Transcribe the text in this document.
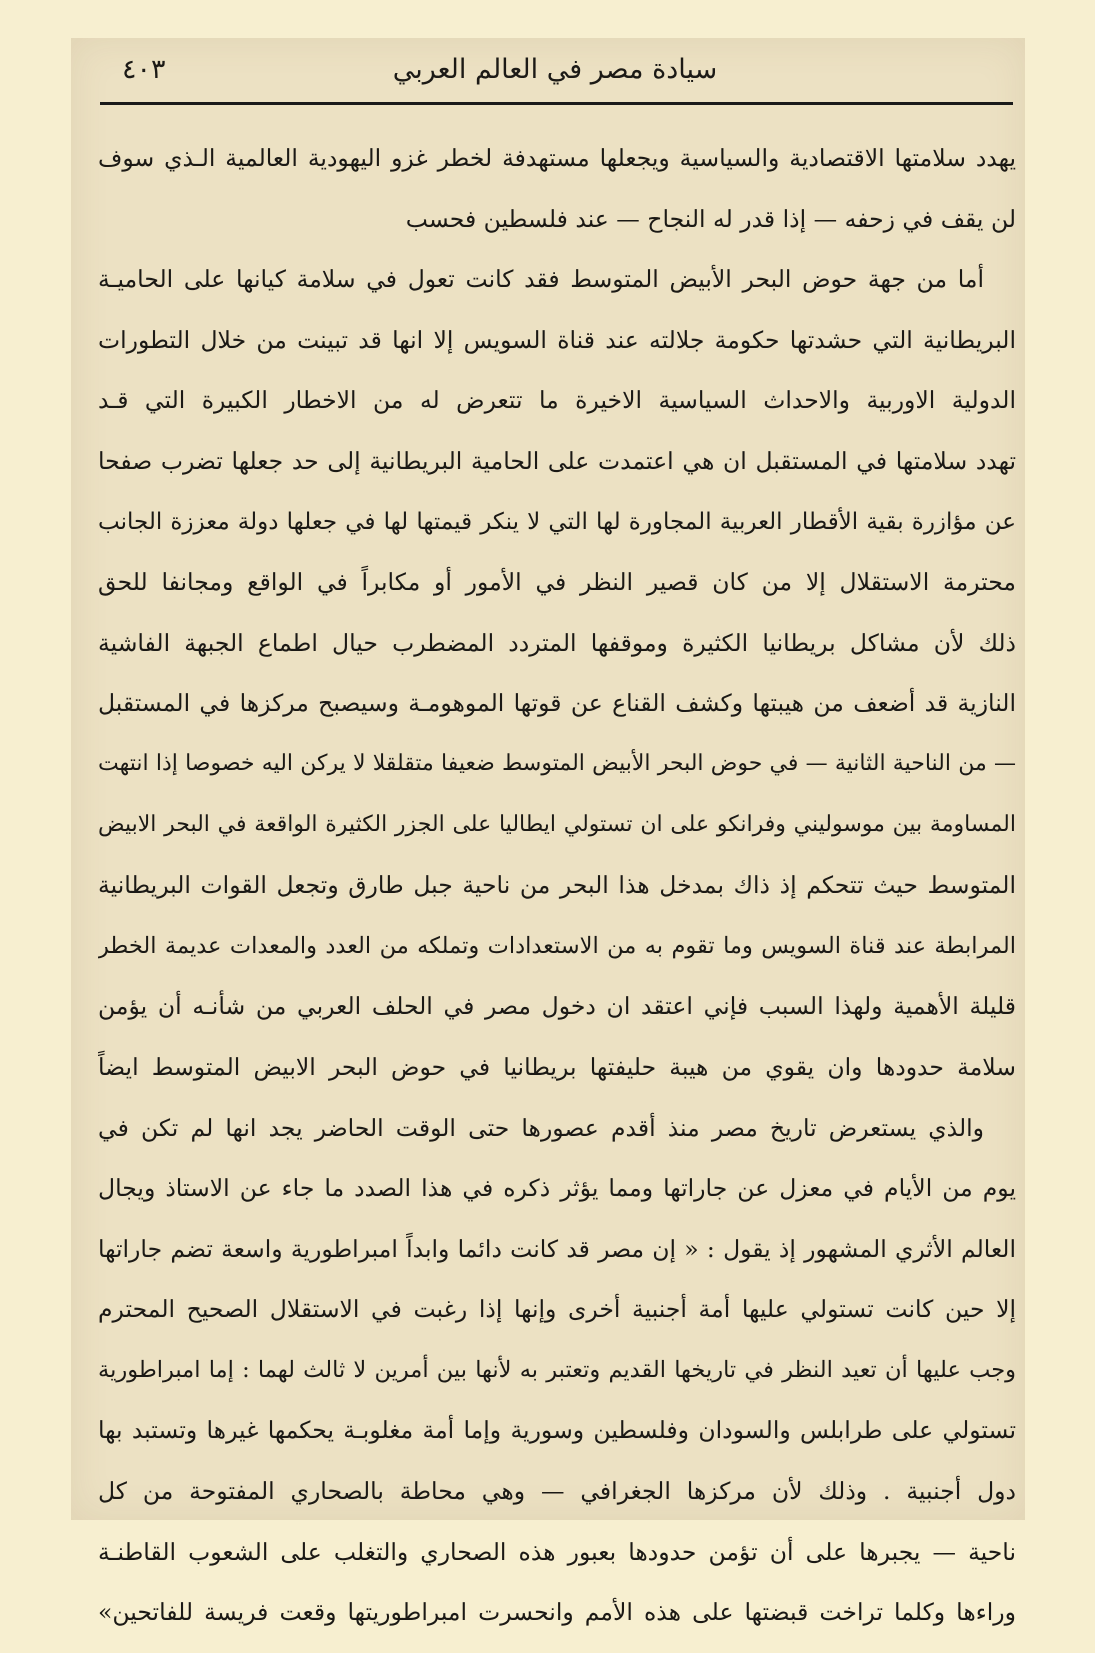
سيادة مصر في العالم العربي
٤٠٣
يهدد سلامتها الاقتصادية والسياسية ويجعلها مستهدفة لخطر غزو اليهودية العالمية الـذي سوف
لن يقف في زحفه — إذا قدر له النجاح — عند فلسطين فحسب
أما من جهة حوض البحر الأبيض المتوسط فقد كانت تعول في سلامة كيانها على الحاميـة
البريطانية التي حشدتها حكومة جلالته عند قناة السويس إلا انها قد تبينت من خلال التطورات
الدولية الاوربية والاحداث السياسية الاخيرة ما تتعرض له من الاخطار الكبيرة التي قـد
تهدد سلامتها في المستقبل ان هي اعتمدت على الحامية البريطانية إلى حد جعلها تضرب صفحا
عن مؤازرة بقية الأقطار العربية المجاورة لها التي لا ينكر قيمتها لها في جعلها دولة معززة الجانب
محترمة الاستقلال إلا من كان قصير النظر في الأمور أو مكابراً في الواقع ومجانفا للحق
ذلك لأن مشاكل بريطانيا الكثيرة وموقفها المتردد المضطرب حيال اطماع الجبهة الفاشية
النازية قد أضعف من هيبتها وكشف القناع عن قوتها الموهومـة وسيصبح مركزها في المستقبل
— من الناحية الثانية — في حوض البحر الأبيض المتوسط ضعيفا متقلقلا لا يركن اليه خصوصا إذا انتهت
المساومة بين موسوليني وفرانكو على ان تستولي ايطاليا على الجزر الكثيرة الواقعة في البحر الابيض
المتوسط حيث تتحكم إذ ذاك بمدخل هذا البحر من ناحية جبل طارق وتجعل القوات البريطانية
المرابطة عند قناة السويس وما تقوم به من الاستعدادات وتملكه من العدد والمعدات عديمة الخطر
قليلة الأهمية ولهذا السبب فإني اعتقد ان دخول مصر في الحلف العربي من شأنـه أن يؤمن
سلامة حدودها وان يقوي من هيبة حليفتها بريطانيا في حوض البحر الابيض المتوسط ايضاً
والذي يستعرض تاريخ مصر منذ أقدم عصورها حتى الوقت الحاضر يجد انها لم تكن في
يوم من الأيام في معزل عن جاراتها ومما يؤثر ذكره في هذا الصدد ما جاء عن الاستاذ ويجال
العالم الأثري المشهور إذ يقول : « إن مصر قد كانت دائما وابداً امبراطورية واسعة تضم جاراتها
إلا حين كانت تستولي عليها أمة أجنبية أخرى وإنها إذا رغبت في الاستقلال الصحيح المحترم
وجب عليها أن تعيد النظر في تاريخها القديم وتعتبر به لأنها بين أمرين لا ثالث لهما : إما امبراطورية
تستولي على طرابلس والسودان وفلسطين وسورية وإما أمة مغلوبـة يحكمها غيرها وتستبد بها
دول أجنبية . وذلك لأن مركزها الجغرافي — وهي محاطة بالصحاري المفتوحة من كل
ناحية — يجبرها على أن تؤمن حدودها بعبور هذه الصحاري والتغلب على الشعوب القاطنـة
وراءها وكلما تراخت قبضتها على هذه الأمم وانحسرت امبراطوريتها وقعت فريسة للفاتحين»
